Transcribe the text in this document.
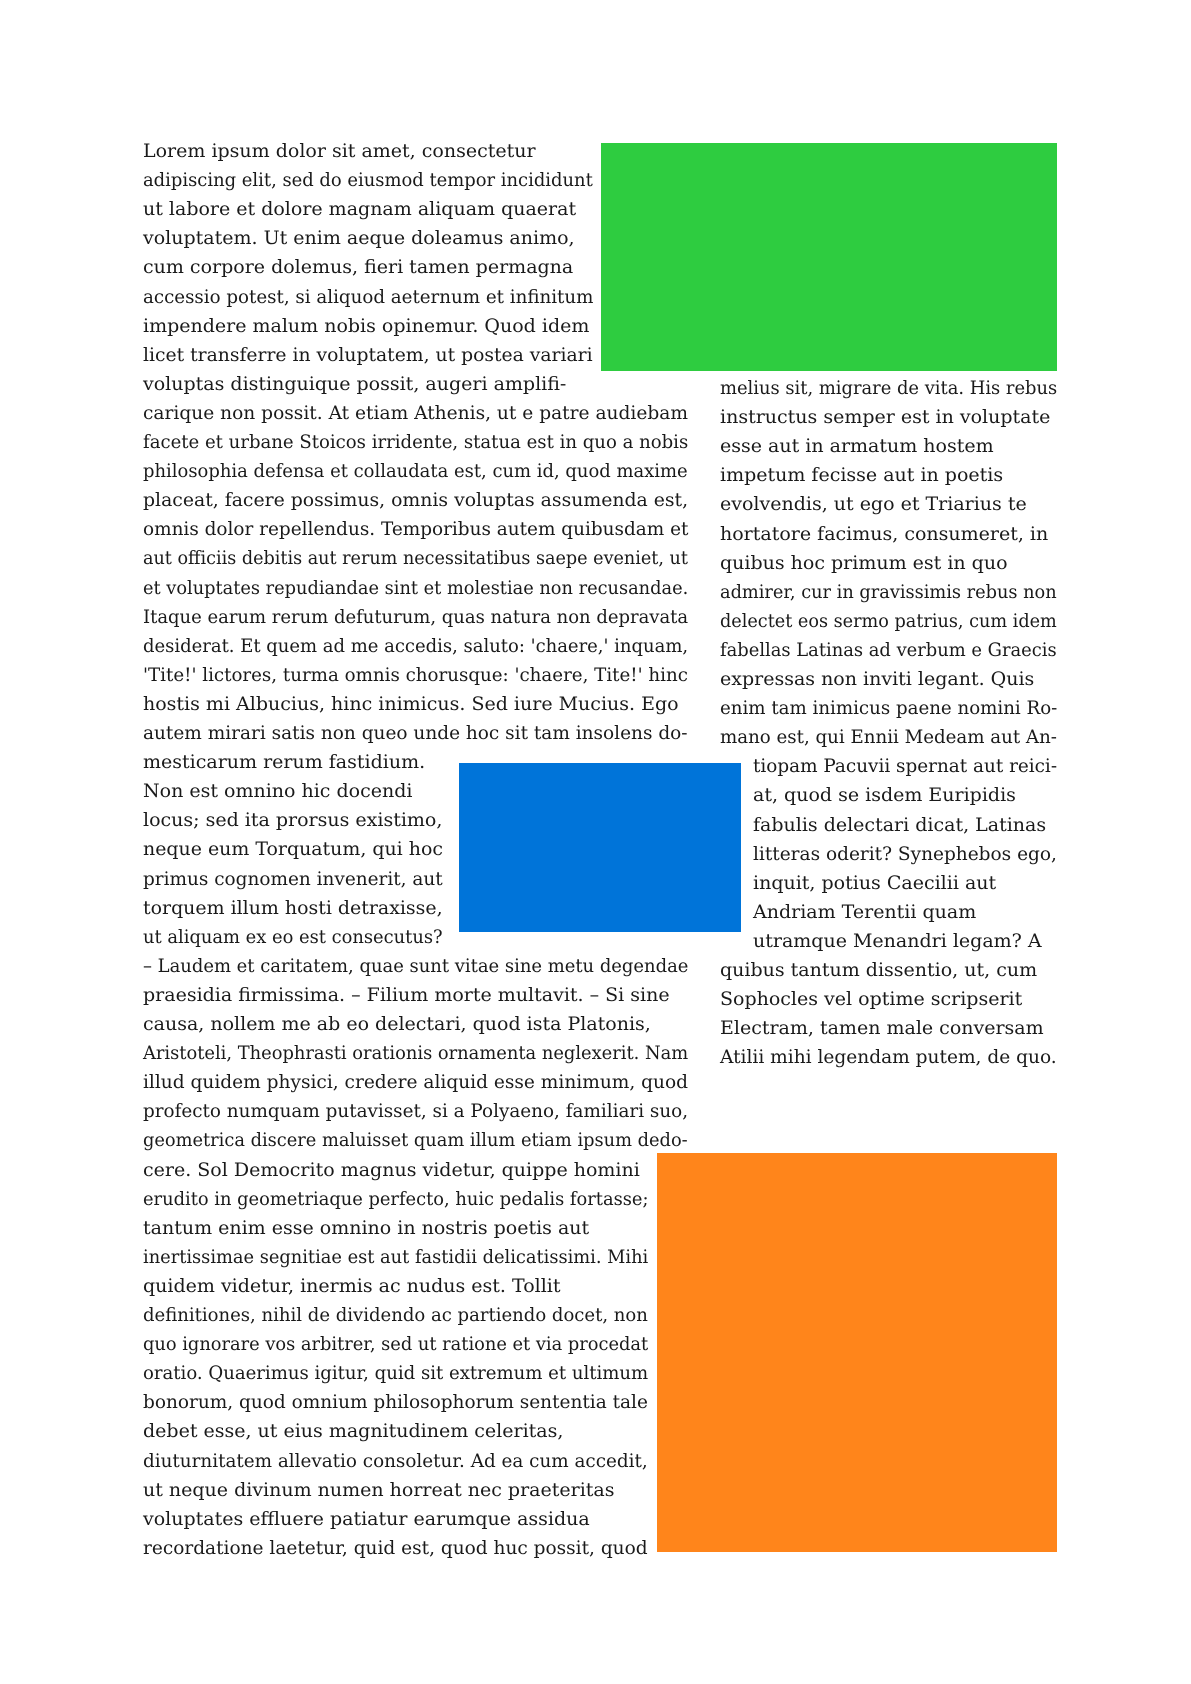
Lorem ipsum dolor sit amet, consectetur
adipiscing elit, sed do eiusmod tempor incididunt
ut labore et dolore magnam aliquam quaerat
voluptatem. Ut enim aeque doleamus animo,
cum corpore dolemus, fieri tamen permagna
accessio potest, si aliquod aeternum et infinitum
impendere malum nobis opinemur. Quod idem
licet transferre in voluptatem, ut postea variari
voluptas distinguique possit, augeri amplifi-
carique non possit. At etiam Athenis, ut e patre audiebam
facete et urbane Stoicos irridente, statua est in quo a nobis
philosophia defensa et collaudata est, cum id, quod maxime
placeat, facere possimus, omnis voluptas assumenda est,
omnis dolor repellendus. Temporibus autem quibusdam et
aut officiis debitis aut rerum necessitatibus saepe eveniet, ut
et voluptates repudiandae sint et molestiae non recusandae.
Itaque earum rerum defuturum, quas natura non depravata
desiderat. Et quem ad me accedis, saluto: 'chaere,' inquam,
'Tite!' lictores, turma omnis chorusque: 'chaere, Tite!' hinc
hostis mi Albucius, hinc inimicus. Sed iure Mucius. Ego
autem mirari satis non queo unde hoc sit tam insolens do-
mesticarum rerum fastidium.
Non est omnino hic docendi
locus; sed ita prorsus existimo,
neque eum Torquatum, qui hoc
primus cognomen invenerit, aut
torquem illum hosti detraxisse,
ut aliquam ex eo est consecutus?
– Laudem et caritatem, quae sunt vitae sine metu degendae
praesidia firmissima. – Filium morte multavit. – Si sine
causa, nollem me ab eo delectari, quod ista Platonis,
Aristoteli, Theophrasti orationis ornamenta neglexerit. Nam
illud quidem physici, credere aliquid esse minimum, quod
profecto numquam putavisset, si a Polyaeno, familiari suo,
geometrica discere maluisset quam illum etiam ipsum dedo-
cere. Sol Democrito magnus videtur, quippe homini
erudito in geometriaque perfecto, huic pedalis fortasse;
tantum enim esse omnino in nostris poetis aut
inertissimae segnitiae est aut fastidii delicatissimi. Mihi
quidem videtur, inermis ac nudus est. Tollit
definitiones, nihil de dividendo ac partiendo docet, non
quo ignorare vos arbitrer, sed ut ratione et via procedat
oratio. Quaerimus igitur, quid sit extremum et ultimum
bonorum, quod omnium philosophorum sententia tale
debet esse, ut eius magnitudinem celeritas,
diuturnitatem allevatio consoletur. Ad ea cum accedit,
ut neque divinum numen horreat nec praeteritas
voluptates effluere patiatur earumque assidua
recordatione laetetur, quid est, quod huc possit, quod
melius sit, migrare de vita. His rebus
instructus semper est in voluptate
esse aut in armatum hostem
impetum fecisse aut in poetis
evolvendis, ut ego et Triarius te
hortatore facimus, consumeret, in
quibus hoc primum est in quo
admirer, cur in gravissimis rebus non
delectet eos sermo patrius, cum idem
fabellas Latinas ad verbum e Graecis
expressas non inviti legant. Quis
enim tam inimicus paene nomini Ro-
mano est, qui Ennii Medeam aut An-
tiopam Pacuvii spernat aut reici-
at, quod se isdem Euripidis
fabulis delectari dicat, Latinas
litteras oderit? Synephebos ego,
inquit, potius Caecilii aut
Andriam Terentii quam
utramque Menandri legam? A
quibus tantum dissentio, ut, cum
Sophocles vel optime scripserit
Electram, tamen male conversam
Atilii mihi legendam putem, de quo.
